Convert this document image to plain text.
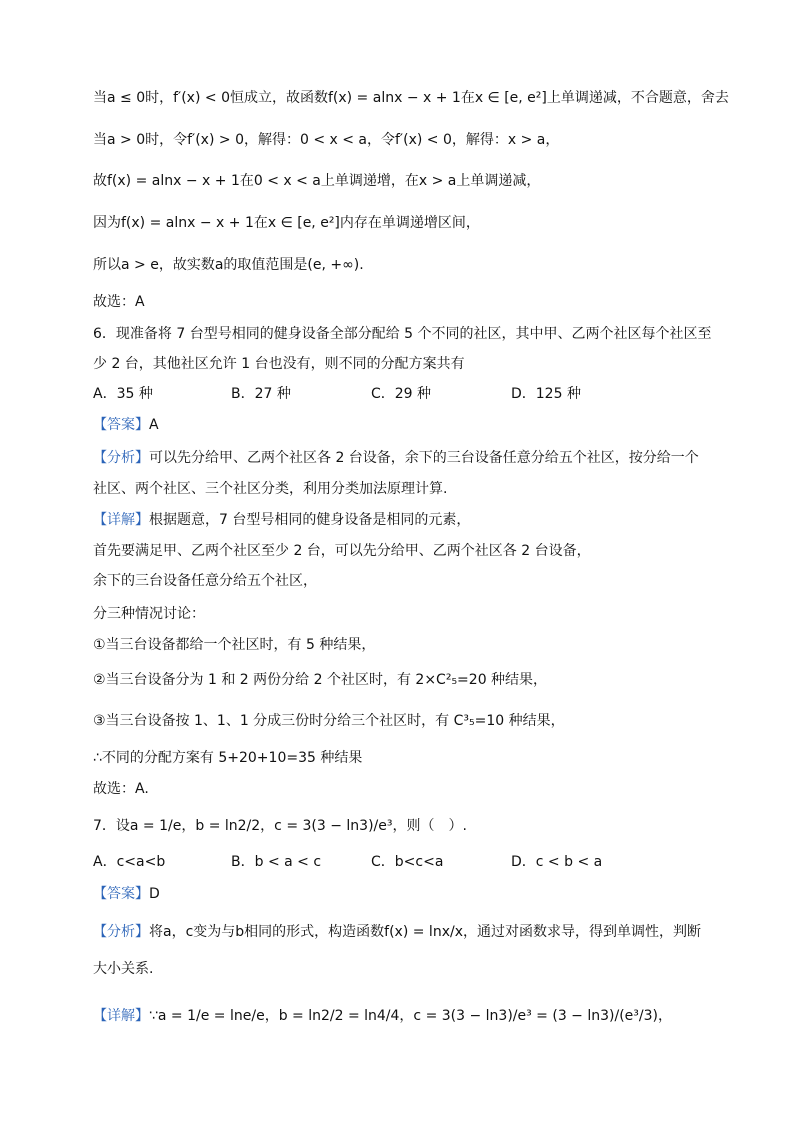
当a ≤ 0时，f′(x) < 0恒成立，故函数f(x) = alnx − x + 1在x ∈ [e, e²]上单调递减，不合题意，舍去
当a > 0时，令f′(x) > 0，解得：0 < x < a，令f′(x) < 0，解得：x > a，
故f(x) = alnx − x + 1在0 < x < a上单调递增，在x > a上单调递减，
因为f(x) = alnx − x + 1在x ∈ [e, e²]内存在单调递增区间，
所以a > e，故实数a的取值范围是(e, +∞).
故选：A
6．现准备将 7 台型号相同的健身设备全部分配给 5 个不同的社区，其中甲、乙两个社区每个社区至
少 2 台，其他社区允许 1 台也没有，则不同的分配方案共有
A．35 种	B．27 种	C．29 种	D．125 种
【答案】A
【分析】可以先分给甲、乙两个社区各 2 台设备，余下的三台设备任意分给五个社区，按分给一个
社区、两个社区、三个社区分类，利用分类加法原理计算.
【详解】根据题意，7 台型号相同的健身设备是相同的元素，
首先要满足甲、乙两个社区至少 2 台，可以先分给甲、乙两个社区各 2 台设备，
余下的三台设备任意分给五个社区，
分三种情况讨论：
①当三台设备都给一个社区时，有 5 种结果，
②当三台设备分为 1 和 2 两份分给 2 个社区时，有 2×C²₅=20 种结果，
③当三台设备按 1、1、1 分成三份时分给三个社区时，有 C³₅=10 种结果，
∴不同的分配方案有 5+20+10=35 种结果
故选：A.
7．设a = 1/e，b = ln2/2，c = 3(3 − ln3)/e³，则（　）.
A．c<a<b	B．b < a < c	C．b<c<a	D．c < b < a
【答案】D
【分析】将a，c变为与b相同的形式，构造函数f(x) = lnx/x，通过对函数求导，得到单调性，判断
大小关系.
【详解】∵a = 1/e = lne/e，b = ln2/2 = ln4/4，c = 3(3 − ln3)/e³ = (3 − ln3)/(e³/3)，
